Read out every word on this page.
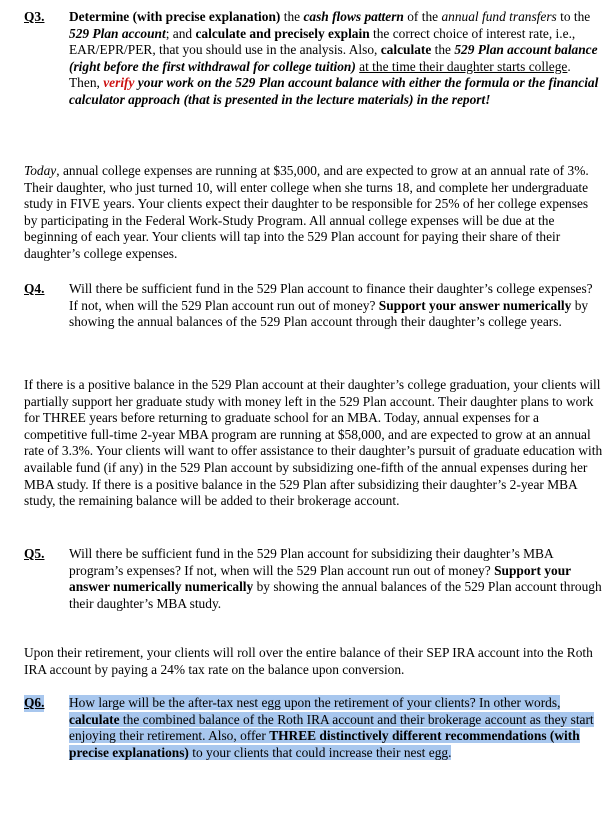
Q3. Determine (with precise explanation) the cash flows pattern of the annual fund transfers to the 529 Plan account; and calculate and precisely explain the correct choice of interest rate, i.e., EAR/EPR/PER, that you should use in the analysis. Also, calculate the 529 Plan account balance (right before the first withdrawal for college tuition) at the time their daughter starts college. Then, verify your work on the 529 Plan account balance with either the formula or the financial calculator approach (that is presented in the lecture materials) in the report!
Today, annual college expenses are running at $35,000, and are expected to grow at an annual rate of 3%. Their daughter, who just turned 10, will enter college when she turns 18, and complete her undergraduate study in FIVE years. Your clients expect their daughter to be responsible for 25% of her college expenses by participating in the Federal Work-Study Program. All annual college expenses will be due at the beginning of each year. Your clients will tap into the 529 Plan account for paying their share of their daughter’s college expenses.
Q4. Will there be sufficient fund in the 529 Plan account to finance their daughter’s college expenses? If not, when will the 529 Plan account run out of money? Support your answer numerically by showing the annual balances of the 529 Plan account through their daughter’s college years.
If there is a positive balance in the 529 Plan account at their daughter’s college graduation, your clients will partially support her graduate study with money left in the 529 Plan account. Their daughter plans to work for THREE years before returning to graduate school for an MBA. Today, annual expenses for a competitive full-time 2-year MBA program are running at $58,000, and are expected to grow at an annual rate of 3.3%. Your clients will want to offer assistance to their daughter’s pursuit of graduate education with available fund (if any) in the 529 Plan account by subsidizing one-fifth of the annual expenses during her MBA study. If there is a positive balance in the 529 Plan after subsidizing their daughter’s 2-year MBA study, the remaining balance will be added to their brokerage account.
Q5. Will there be sufficient fund in the 529 Plan account for subsidizing their daughter’s MBA program’s expenses? If not, when will the 529 Plan account run out of money? Support your answer numerically numerically by showing the annual balances of the 529 Plan account through their daughter’s MBA study.
Upon their retirement, your clients will roll over the entire balance of their SEP IRA account into the Roth IRA account by paying a 24% tax rate on the balance upon conversion.
Q6. How large will be the after-tax nest egg upon the retirement of your clients? In other words, calculate the combined balance of the Roth IRA account and their brokerage account as they start enjoying their retirement. Also, offer THREE distinctively different recommendations (with precise explanations) to your clients that could increase their nest egg.
